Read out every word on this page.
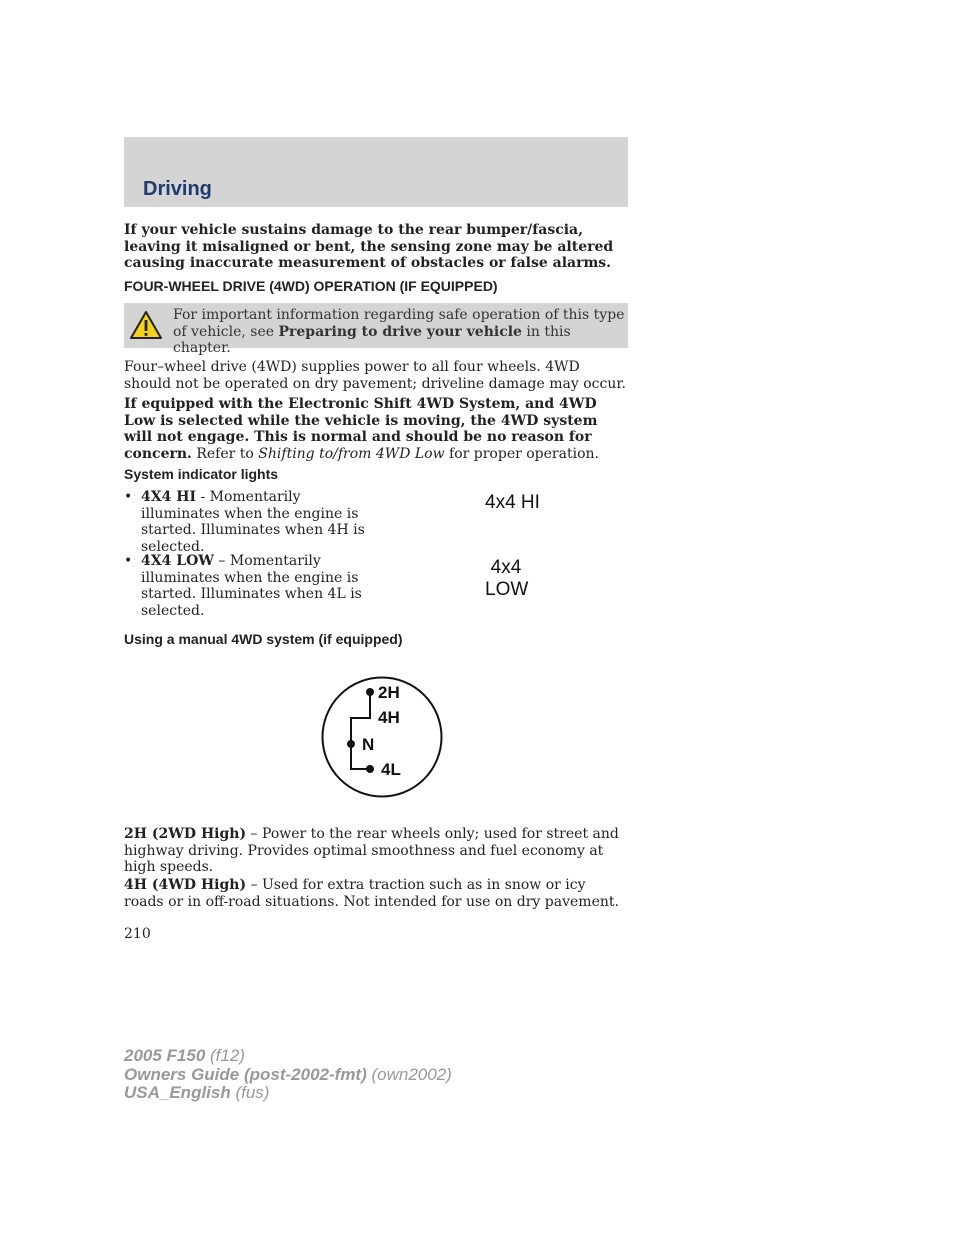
Driving
If your vehicle sustains damage to the rear bumper/fascia, leaving it misaligned or bent, the sensing zone may be altered causing inaccurate measurement of obstacles or false alarms.
FOUR-WHEEL DRIVE (4WD) OPERATION (IF EQUIPPED)
For important information regarding safe operation of this type of vehicle, see Preparing to drive your vehicle in this chapter.
Four–wheel drive (4WD) supplies power to all four wheels. 4WD should not be operated on dry pavement; driveline damage may occur.
If equipped with the Electronic Shift 4WD System, and 4WD Low is selected while the vehicle is moving, the 4WD system will not engage. This is normal and should be no reason for concern. Refer to Shifting to/from 4WD Low for proper operation.
System indicator lights
• 4X4 HI - Momentarily illuminates when the engine is started. Illuminates when 4H is selected.
4x4 HI
• 4X4 LOW – Momentarily illuminates when the engine is started. Illuminates when 4L is selected.
4x4
LOW
Using a manual 4WD system (if equipped)
2H
4H
N
4L
2H (2WD High) – Power to the rear wheels only; used for street and highway driving. Provides optimal smoothness and fuel economy at high speeds.
4H (4WD High) – Used for extra traction such as in snow or icy roads or in off-road situations. Not intended for use on dry pavement.
210
2005 F150 (f12)
Owners Guide (post-2002-fmt) (own2002)
USA_English (fus)
